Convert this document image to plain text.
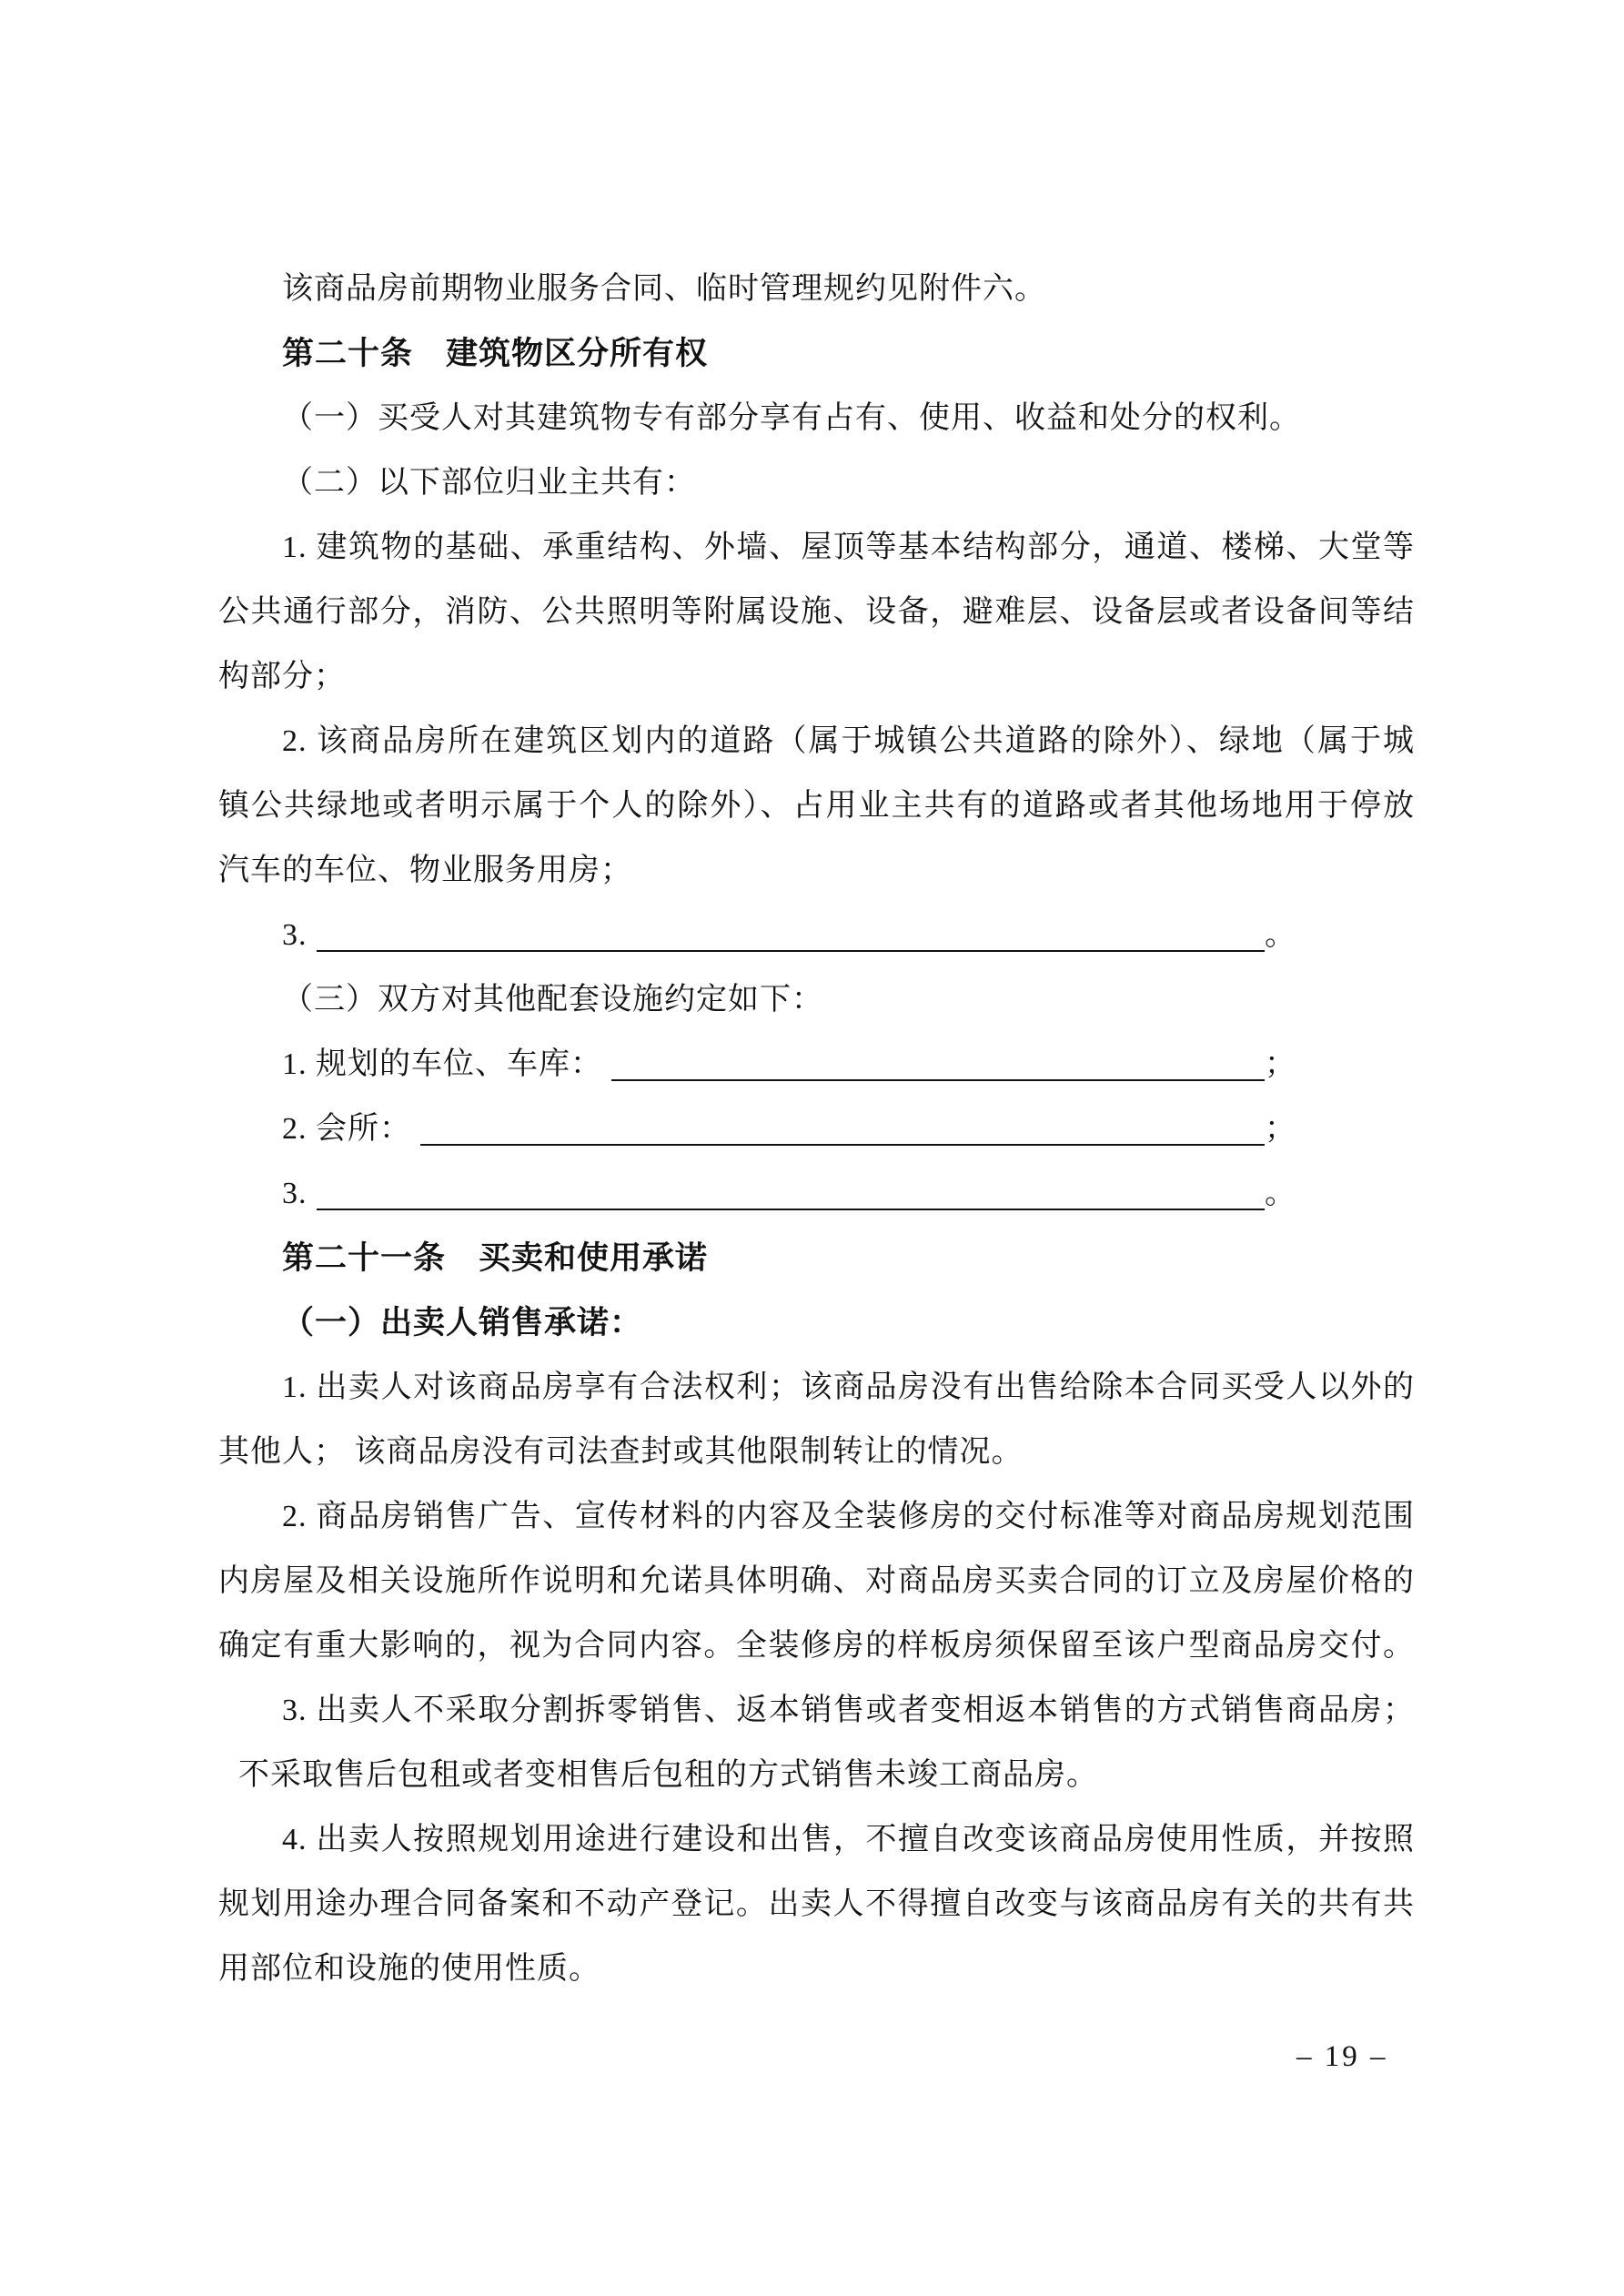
该商品房前期物业服务合同、临时管理规约见附件六。
第二十条　建筑物区分所有权
（一）买受人对其建筑物专有部分享有占有、使用、收益和处分的权利。
（二）以下部位归业主共有：
1. 建筑物的基础、承重结构、外墙、屋顶等基本结构部分，通道、楼梯、大堂等
公共通行部分，消防、公共照明等附属设施、设备，避难层、设备层或者设备间等结
构部分；
2. 该商品房所在建筑区划内的道路（属于城镇公共道路的除外）、绿地（属于城
镇公共绿地或者明示属于个人的除外）、占用业主共有的道路或者其他场地用于停放
汽车的车位、物业服务用房；
3.	。
（三）双方对其他配套设施约定如下：
1. 规划的车位、车库：	；
2. 会所：	；
3.	。
第二十一条　买卖和使用承诺
（一）出卖人销售承诺：
1. 出卖人对该商品房享有合法权利；该商品房没有出售给除本合同买受人以外的
其他人； 该商品房没有司法查封或其他限制转让的情况。
2. 商品房销售广告、宣传材料的内容及全装修房的交付标准等对商品房规划范围
内房屋及相关设施所作说明和允诺具体明确、对商品房买卖合同的订立及房屋价格的
确定有重大影响的，视为合同内容。全装修房的样板房须保留至该户型商品房交付。
3. 出卖人不采取分割拆零销售、返本销售或者变相返本销售的方式销售商品房；
不采取售后包租或者变相售后包租的方式销售未竣工商品房。
4. 出卖人按照规划用途进行建设和出售，不擅自改变该商品房使用性质，并按照
规划用途办理合同备案和不动产登记。出卖人不得擅自改变与该商品房有关的共有共
用部位和设施的使用性质。
– 19 –
